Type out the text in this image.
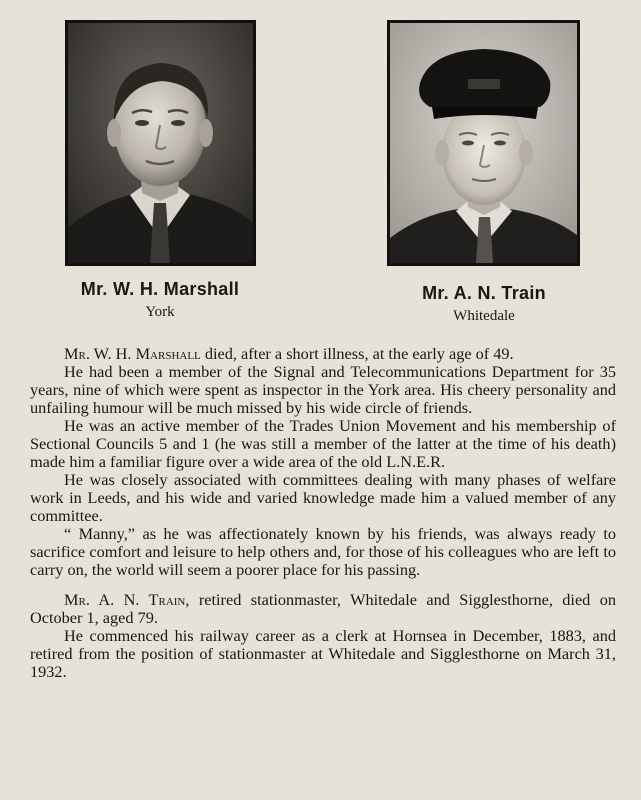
Mr. W. H. Marshall
York
Mr. A. N. Train
Whitedale

Mr. W. H. Marshall died, after a short illness, at the early age of 49.

He had been a member of the Signal and Telecommunications Department for 35 years, nine of which were spent as inspector in the York area. His cheery personality and unfailing humour will be much missed by his wide circle of friends.

He was an active member of the Trades Union Movement and his membership of Sectional Councils 5 and 1 (he was still a member of the latter at the time of his death) made him a familiar figure over a wide area of the old L.N.E.R.

He was closely associated with committees dealing with many phases of welfare work in Leeds, and his wide and varied knowledge made him a valued member of any committee.

“ Manny,” as he was affectionately known by his friends, was always ready to sacrifice comfort and leisure to help others and, for those of his colleagues who are left to carry on, the world will seem a poorer place for his passing.

Mr. A. N. Train, retired stationmaster, Whitedale and Sigglesthorne, died on October 1, aged 79.

He commenced his railway career as a clerk at Hornsea in December, 1883, and retired from the position of stationmaster at Whitedale and Sigglesthorne on March 31, 1932.
